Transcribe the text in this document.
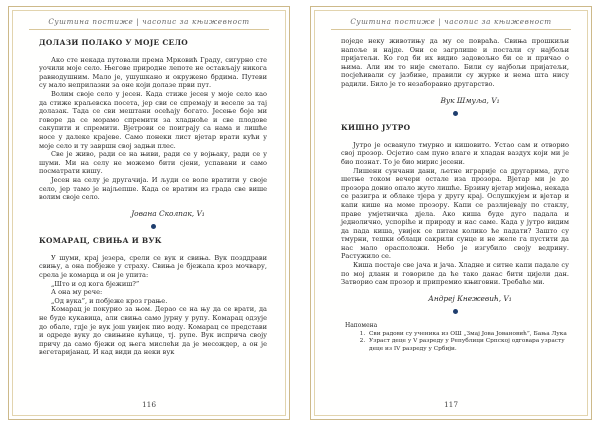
Суштина постиже | часопис за књижевност
ДОЛАЗИ ПОЛАКО У МОЈЕ СЕЛО

Ако сте некада путовали према Мрковић Граду, сигурно сте уочили моје село. Његове природне лепоте не остављају никога равнодушним. Мало је, ушушкано и окружено брдима. Путеви су мало неприлазни за оне који долазе први пут.

Волим своје село у јесен. Када стиже јесен у моје село као да стиже краљевска посета, јер сви се спремају и веселе за тај долазак. Тада се сви мештани осећају богато. Јесење боје ми говоре да се морамо спремити за хладноће и све плодове сакупити и спремити. Вјетрови се поиграју са нама и лишће носе у далеке крајеве. Само понеки лист вјетар врати кући у моје село и ту завршн свој задњи плес.

Све је живо, ради се на њиви, ради се у војњаку, ради се у шуми. Ми на селу не можемо бити сјени, успавани и само посматрати кишу.

Јесен на селу је другачија. И људи се воле вратити у своје село, јер тамо је најљепше. Када се вратим из града све више волим своје село.

Јована Сколпак, V₁
КОМАРАЦ, СВИЊА И ВУК

У шуми, крај језера, срели се вук и свиња. Вук позддрави свињу, а она побјеже у страху. Свиња је бјежала кроз мочвару, срела је комарца и он је упита:

„Што и од кога бјежиш?”

А она му рече:

„Од вука”, и побјеже кроз грање.

Комарац је покурио за њом. Дерао се на њу да се врати, да не буде кукавица, али свиња само јурну у рупу. Комарац одзује до обале, гдје је вук још увијек пио воду. Комарац се представи и одреде вуку до свињине кућице, тј. рупе. Вук исприча своју причу да само бјежи од њега мислећи да је месождер, а он је вегетаријанац. И кад види да неки вук

116
Суштина постиже | часопис за књижевност

поједе неку животињу да му се повраћа. Свиња прошкиљи напоље и најде. Они се загрлише и постали су најбољи пријатељи. Ко год би их видио задовољно би се и причао о њима. Али им то није сметало. Били су најбољи пријатељи, посјећивали су јазбине, правили су журке и нема шта нису радили. Било је то незаборавно другарство.

Вук Шмуља, V₁
КИШНО ЈУТРО

Јутро је освануло тмурно и кишовито. Устао сам и отворио свој прозор. Осјетио сам пуно влаге и хладан ваздух који ми је био познат. То је био мирис јесени.

Лишени сунчани дани, љетне играрије са другарима, дуге шетње током вечери остале иза прозора. Вјетар ми је до прозора донио опало жуто лишће. Брзину вјетар мијења, некада се разигра и облаке тјера у другу крај. Ослушкујем и вјетар и капи кише на моме прозору. Капи се разлијевају по стаклу, праве умјетничка дјела. Ако киша буде дуго падала и једнолично, успорiће и природу и нас саме. Када у јутро видим да пада киша, увијек се питам колико ће падати? Зашто су тмурни, тешки облаци сакрили сунце и не желе га пустити да нас мало орасположи. Небо је изгубило своју ведрину. Растужило се.

Киша постаје све јача и јача. Хладне и ситне капи падале су по мој дланн и говориле да ће тако данас бити цијели дан. Затворио сам прозор и припремио књиговни. Требаће ми.

Андреј Кнежевић, V₁
Напомена
1. Сви радови су ученика из ОШ „Змај Јова Јовановић”, Бања Лука
2. Узраст деце у V разреду у Републици Српској одговара узрасту деце из IV разреду у Србији.
117
